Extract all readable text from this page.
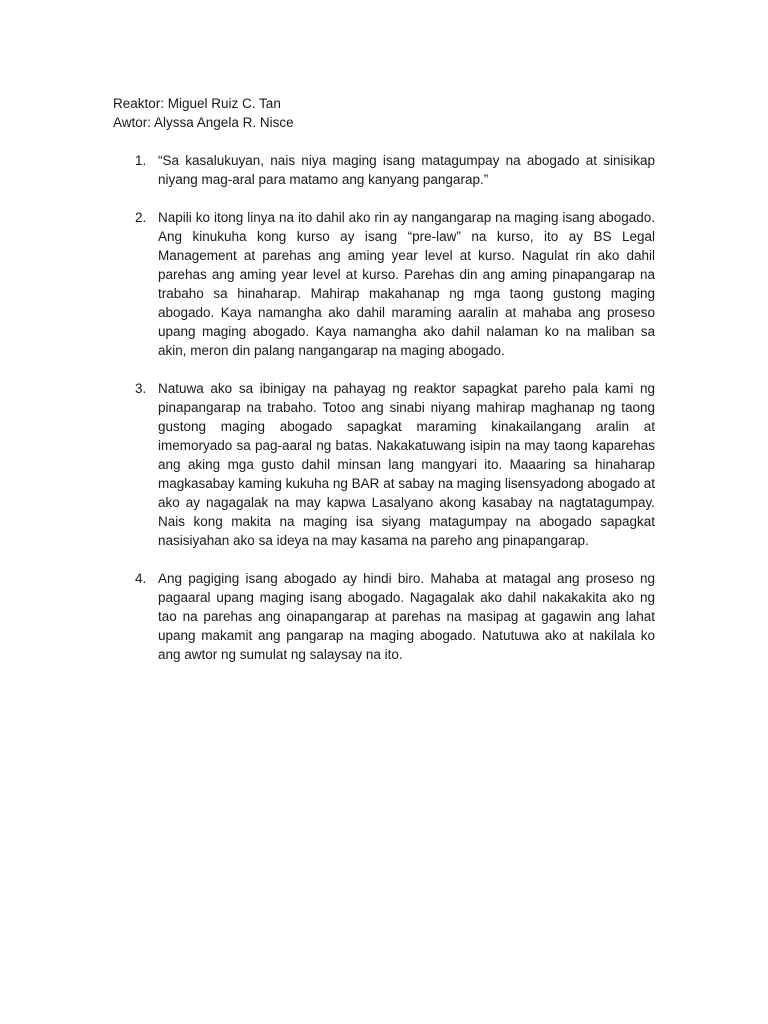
Reaktor: Miguel Ruiz C. Tan
Awtor: Alyssa Angela R. Nisce
1. “Sa kasalukuyan, nais niya maging isang matagumpay na abogado at sinisikap niyang mag-aral para matamo ang kanyang pangarap.”
2. Napili ko itong linya na ito dahil ako rin ay nangangarap na maging isang abogado. Ang kinukuha kong kurso ay isang “pre-law” na kurso, ito ay BS Legal Management at parehas ang aming year level at kurso. Nagulat rin ako dahil parehas ang aming year level at kurso. Parehas din ang aming pinapangarap na trabaho sa hinaharap. Mahirap makahanap ng mga taong gustong maging abogado. Kaya namangha ako dahil maraming aaralin at mahaba ang proseso upang maging abogado. Kaya namangha ako dahil nalaman ko na maliban sa akin, meron din palang nangangarap na maging abogado.
3. Natuwa ako sa ibinigay na pahayag ng reaktor sapagkat pareho pala kami ng pinapangarap na trabaho. Totoo ang sinabi niyang mahirap maghanap ng taong gustong maging abogado sapagkat maraming kinakailangang aralin at imemoryado sa pag-aaral ng batas. Nakakatuwang isipin na may taong kaparehas ang aking mga gusto dahil minsan lang mangyari ito. Maaaring sa hinaharap magkasabay kaming kukuha ng BAR at sabay na maging lisensyadong abogado at ako ay nagagalak na may kapwa Lasalyano akong kasabay na nagtatagumpay. Nais kong makita na maging isa siyang matagumpay na abogado sapagkat nasisiyahan ako sa ideya na may kasama na pareho ang pinapangarap.
4. Ang pagiging isang abogado ay hindi biro. Mahaba at matagal ang proseso ng pagaaral upang maging isang abogado. Nagagalak ako dahil nakakakita ako ng tao na parehas ang oinapangarap at parehas na masipag at gagawin ang lahat upang makamit ang pangarap na maging abogado. Natutuwa ako at nakilala ko ang awtor ng sumulat ng salaysay na ito.
